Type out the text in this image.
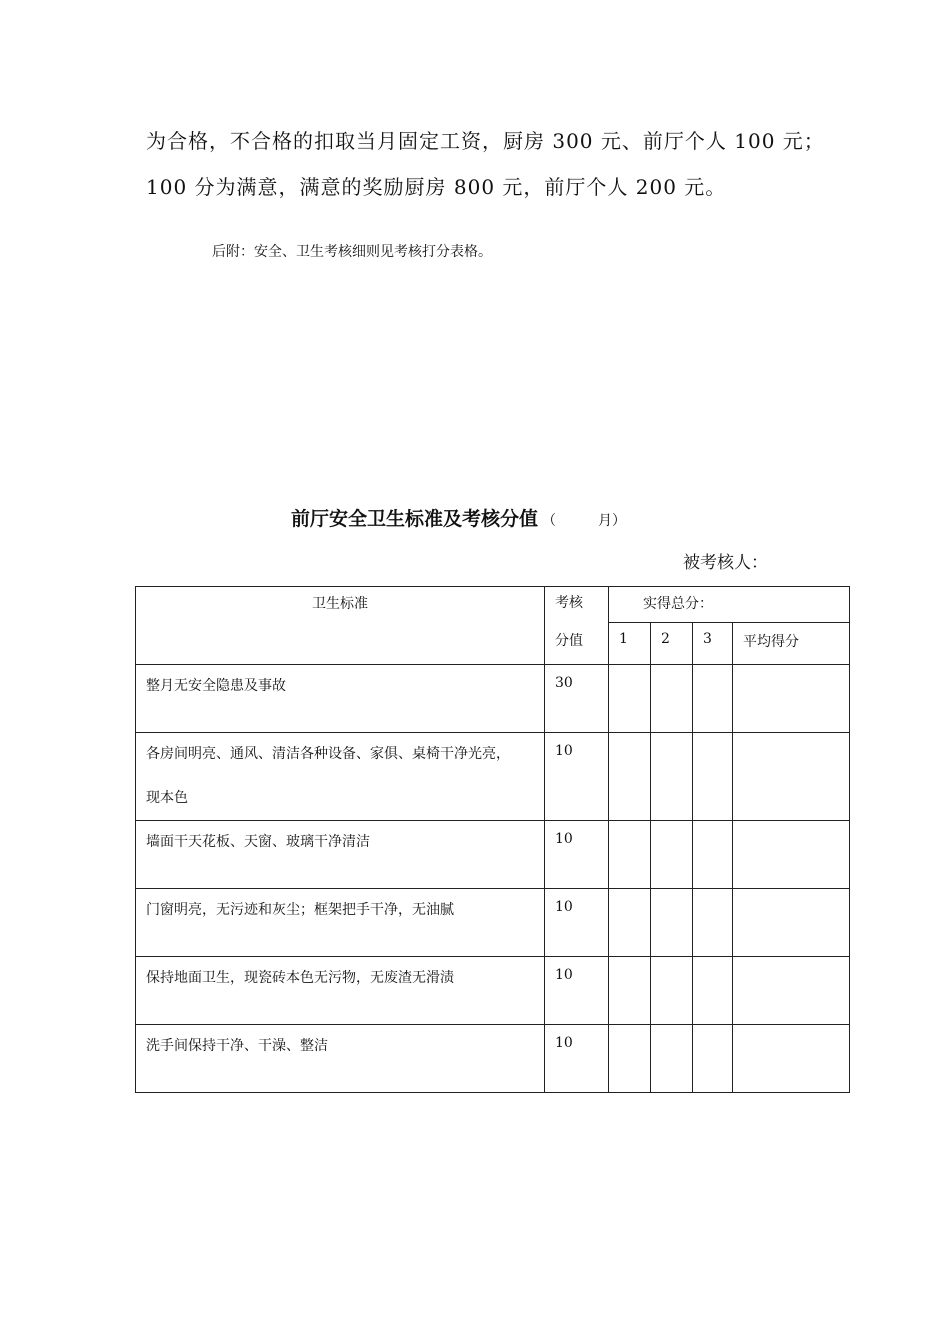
为合格，不合格的扣取当月固定工资，厨房 300 元、前厅个人 100 元；
100 分为满意，满意的奖励厨房 800 元，前厅个人 200 元。
后附：安全、卫生考核细则见考核打分表格。
前厅安全卫生标准及考核分值 （	月）
被考核人：
卫生标准	考核
分值	实得总分：			
		1	2	3	平均得分
整月无安全隐患及事故	30				

各房间明亮、通风、清洁各种设备、家俱、桌椅干净光亮，
现本色	10				
墙面干天花板、天窗、玻璃干净清洁	10				
门窗明亮，无污迹和灰尘；框架把手干净，无油腻	10				
保持地面卫生，现瓷砖本色无污物，无废渣无滑渍	10				
洗手间保持干净、干澡、整洁	10				
